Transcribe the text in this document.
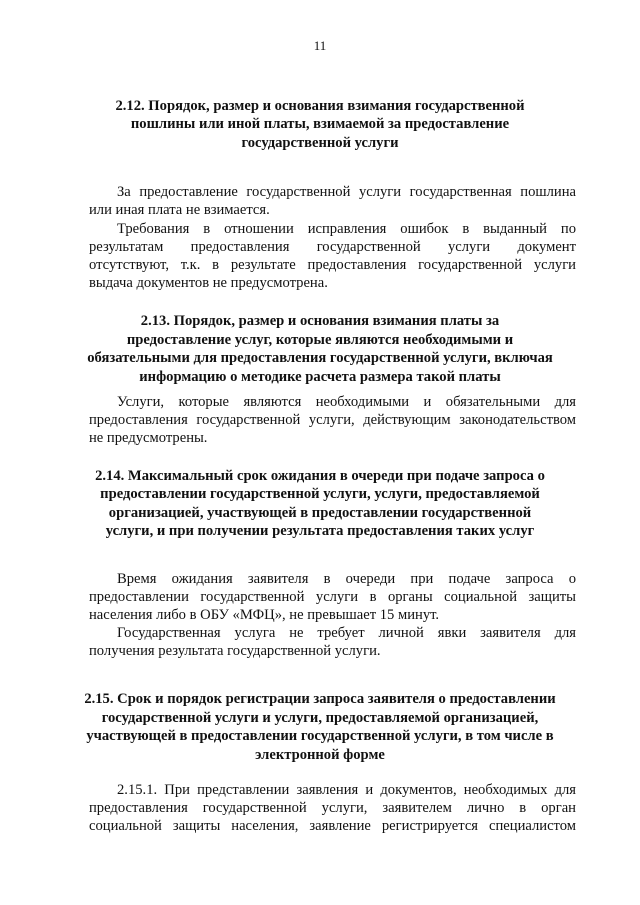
11
2.12. Порядок, размер и основания взимания государственной
пошлины или иной платы, взимаемой за предоставление
государственной услуги
За предоставление государственной услуги государственная пошлина
или иная плата не взимается.
Требования в отношении исправления ошибок в выданный по
результатам предоставления государственной услуги документ
отсутствуют, т.к. в результате предоставления государственной услуги
выдача документов не предусмотрена.
2.13. Порядок, размер и основания взимания платы за
предоставление услуг, которые являются необходимыми и
обязательными для предоставления государственной услуги, включая
информацию о методике расчета размера такой платы
Услуги, которые являются необходимыми и обязательными для
предоставления государственной услуги, действующим законодательством
не предусмотрены.
2.14. Максимальный срок ожидания в очереди при подаче запроса о
предоставлении государственной услуги, услуги, предоставляемой
организацией, участвующей в предоставлении государственной
услуги, и при получении результата предоставления таких услуг
Время ожидания заявителя в очереди при подаче запроса о
предоставлении государственной услуги в органы социальной защиты
населения либо в ОБУ «МФЦ», не превышает 15 минут.
Государственная услуга не требует личной явки заявителя для
получения результата государственной услуги.
2.15. Срок и порядок регистрации запроса заявителя о предоставлении
государственной услуги и услуги, предоставляемой организацией,
участвующей в предоставлении государственной услуги, в том числе в
электронной форме
2.15.1. При представлении заявления и документов, необходимых для
предоставления государственной услуги, заявителем лично в орган
социальной защиты населения, заявление регистрируется специалистом
